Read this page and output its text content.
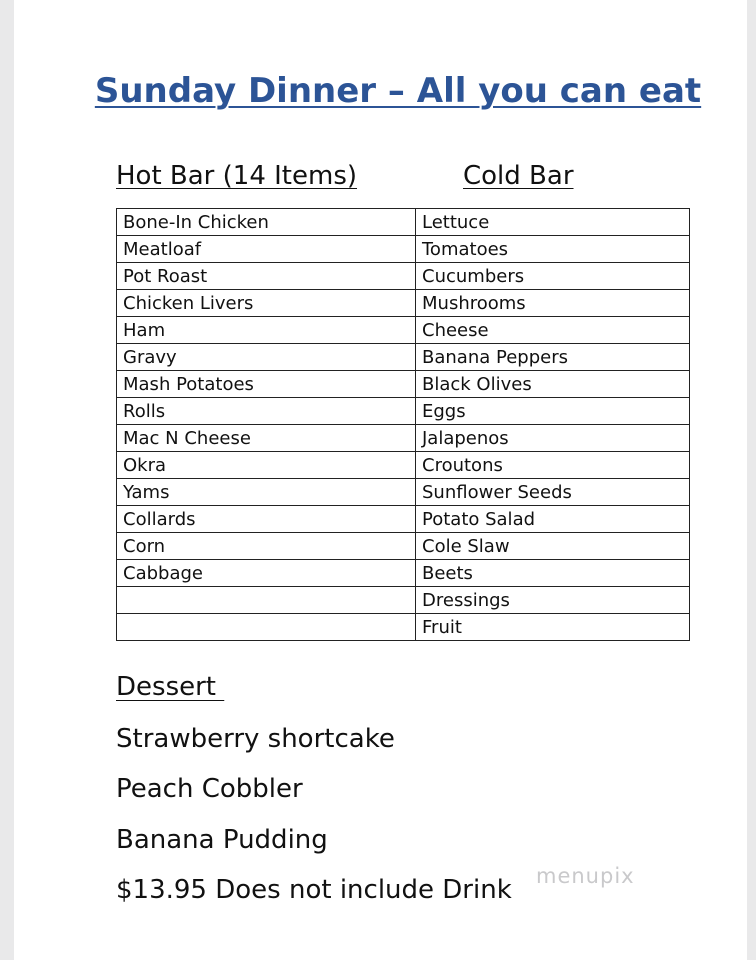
Sunday Dinner – All you can eat
Hot Bar (14 Items)	Cold Bar
Bone-In Chicken	Lettuce
Meatloaf	Tomatoes
Pot Roast	Cucumbers
Chicken Livers	Mushrooms
Ham	Cheese
Gravy	Banana Peppers
Mash Potatoes	Black Olives
Rolls	Eggs
Mac N Cheese	Jalapenos
Okra	Croutons
Yams	Sunflower Seeds
Collards	Potato Salad
Corn	Cole Slaw
Cabbage	Beets
	Dressings
	Fruit
Dessert
Strawberry shortcake
Peach Cobbler
Banana Pudding
$13.95 Does not include Drink menupix
